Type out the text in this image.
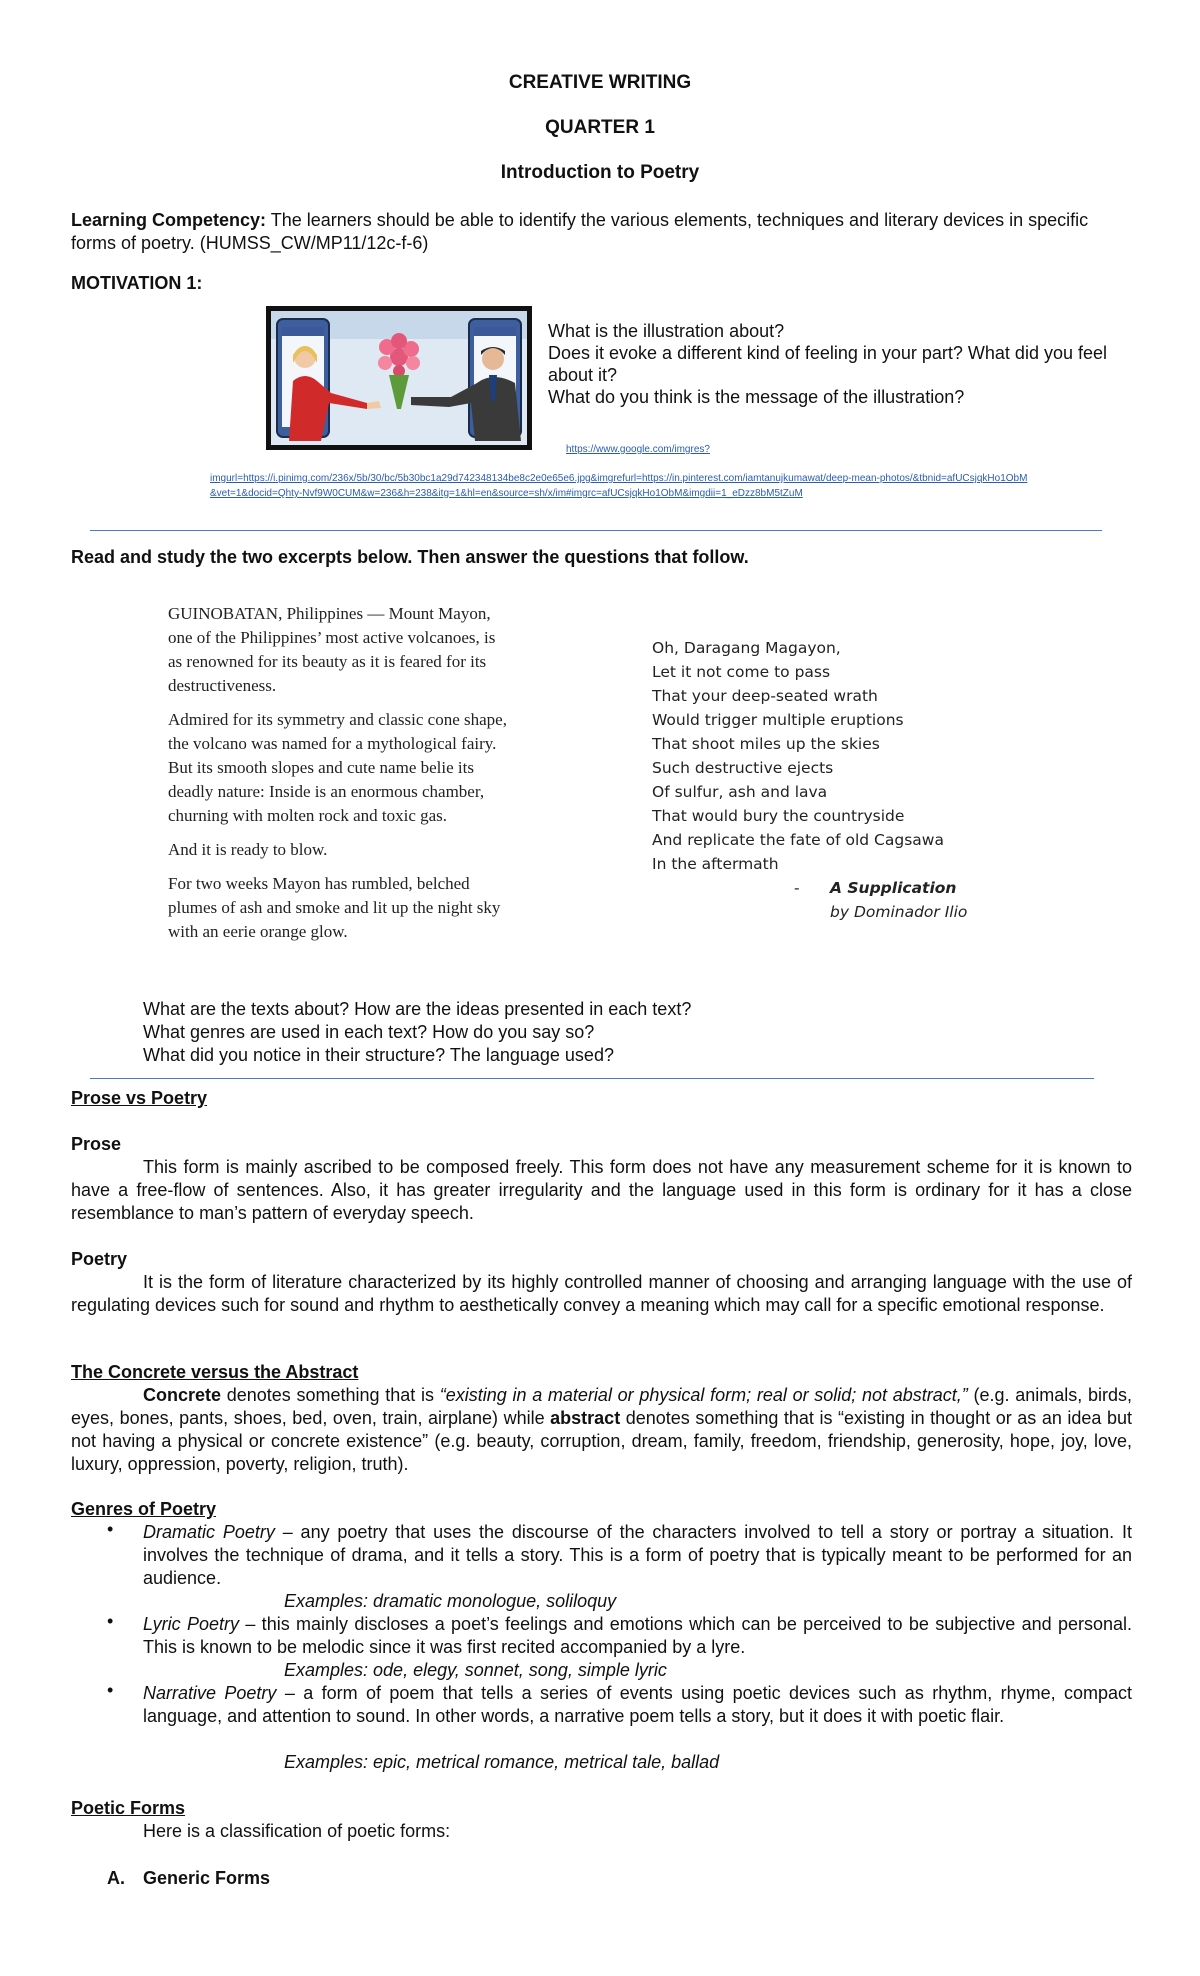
CREATIVE WRITING
QUARTER 1
Introduction to Poetry
Learning Competency: The learners should be able to identify the various elements, techniques and literary devices in specific forms of poetry. (HUMSS_CW/MP11/12c-f-6)
MOTIVATION 1:
What is the illustration about?
Does it evoke a different kind of feeling in your part? What did you feel about it?
What do you think is the message of the illustration?
https://www.google.com/imgres?
imgurl=https://i.pinimg.com/236x/5b/30/bc/5b30bc1a29d742348134be8c2e0e65e6.jpg&imgrefurl=https://in.pinterest.com/iamtanujkumawat/deep-mean-photos/&tbnid=afUCsjqkHo1ObM&vet=1&docid=Qhty-Nvf9W0CUM&w=236&h=238&itg=1&hl=en&source=sh/x/im#imgrc=afUCsjqkHo1ObM&imgdii=1_eDzz8bM5tZuM
Read and study the two excerpts below. Then answer the questions that follow.
GUINOBATAN, Philippines — Mount Mayon, one of the Philippines’ most active volcanoes, is as renowned for its beauty as it is feared for its destructiveness.
Admired for its symmetry and classic cone shape, the volcano was named for a mythological fairy. But its smooth slopes and cute name belie its deadly nature: Inside is an enormous chamber, churning with molten rock and toxic gas.
And it is ready to blow.
For two weeks Mayon has rumbled, belched plumes of ash and smoke and lit up the night sky with an eerie orange glow.
Oh, Daragang Magayon,
Let it not come to pass
That your deep-seated wrath
Would trigger multiple eruptions
That shoot miles up the skies
Such destructive ejects
Of sulfur, ash and lava
That would bury the countryside
And replicate the fate of old Cagsawa
In the aftermath
- A Supplication
by Dominador Ilio
What are the texts about? How are the ideas presented in each text?
What genres are used in each text? How do you say so?
What did you notice in their structure? The language used?
Prose vs Poetry
Prose
This form is mainly ascribed to be composed freely. This form does not have any measurement scheme for it is known to have a free-flow of sentences. Also, it has greater irregularity and the language used in this form is ordinary for it has a close resemblance to man’s pattern of everyday speech.
Poetry
It is the form of literature characterized by its highly controlled manner of choosing and arranging language with the use of regulating devices such for sound and rhythm to aesthetically convey a meaning which may call for a specific emotional response.
The Concrete versus the Abstract
Concrete denotes something that is “existing in a material or physical form; real or solid; not abstract,” (e.g. animals, birds, eyes, bones, pants, shoes, bed, oven, train, airplane) while abstract denotes something that is “existing in thought or as an idea but not having a physical or concrete existence” (e.g. beauty, corruption, dream, family, freedom, friendship, generosity, hope, joy, love, luxury, oppression, poverty, religion, truth).
Genres of Poetry
• Dramatic Poetry – any poetry that uses the discourse of the characters involved to tell a story or portray a situation. It involves the technique of drama, and it tells a story. This is a form of poetry that is typically meant to be performed for an audience.
Examples: dramatic monologue, soliloquy
• Lyric Poetry – this mainly discloses a poet’s feelings and emotions which can be perceived to be subjective and personal. This is known to be melodic since it was first recited accompanied by a lyre.
Examples: ode, elegy, sonnet, song, simple lyric
• Narrative Poetry – a form of poem that tells a series of events using poetic devices such as rhythm, rhyme, compact language, and attention to sound. In other words, a narrative poem tells a story, but it does it with poetic flair.
Examples: epic, metrical romance, metrical tale, ballad
Poetic Forms
Here is a classification of poetic forms:
A. Generic Forms
